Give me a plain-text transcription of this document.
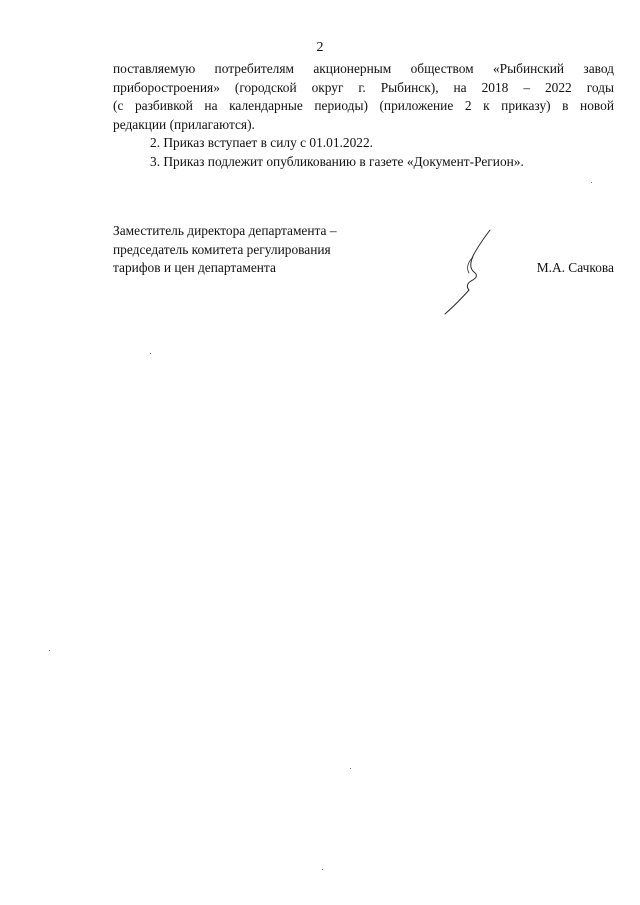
2

поставляемую потребителям акционерным обществом «Рыбинский завод
приборостроения» (городской округ г. Рыбинск), на 2018 – 2022 годы
(с разбивкой на календарные периоды) (приложение 2 к приказу) в новой
редакции (прилагаются).

2. Приказ вступает в силу с 01.01.2022.

3. Приказ подлежит опубликованию в газете «Документ-Регион».

Заместитель директора департамента –
председатель комитета регулирования
тарифов и цен департамента	М.А. Сачкова
